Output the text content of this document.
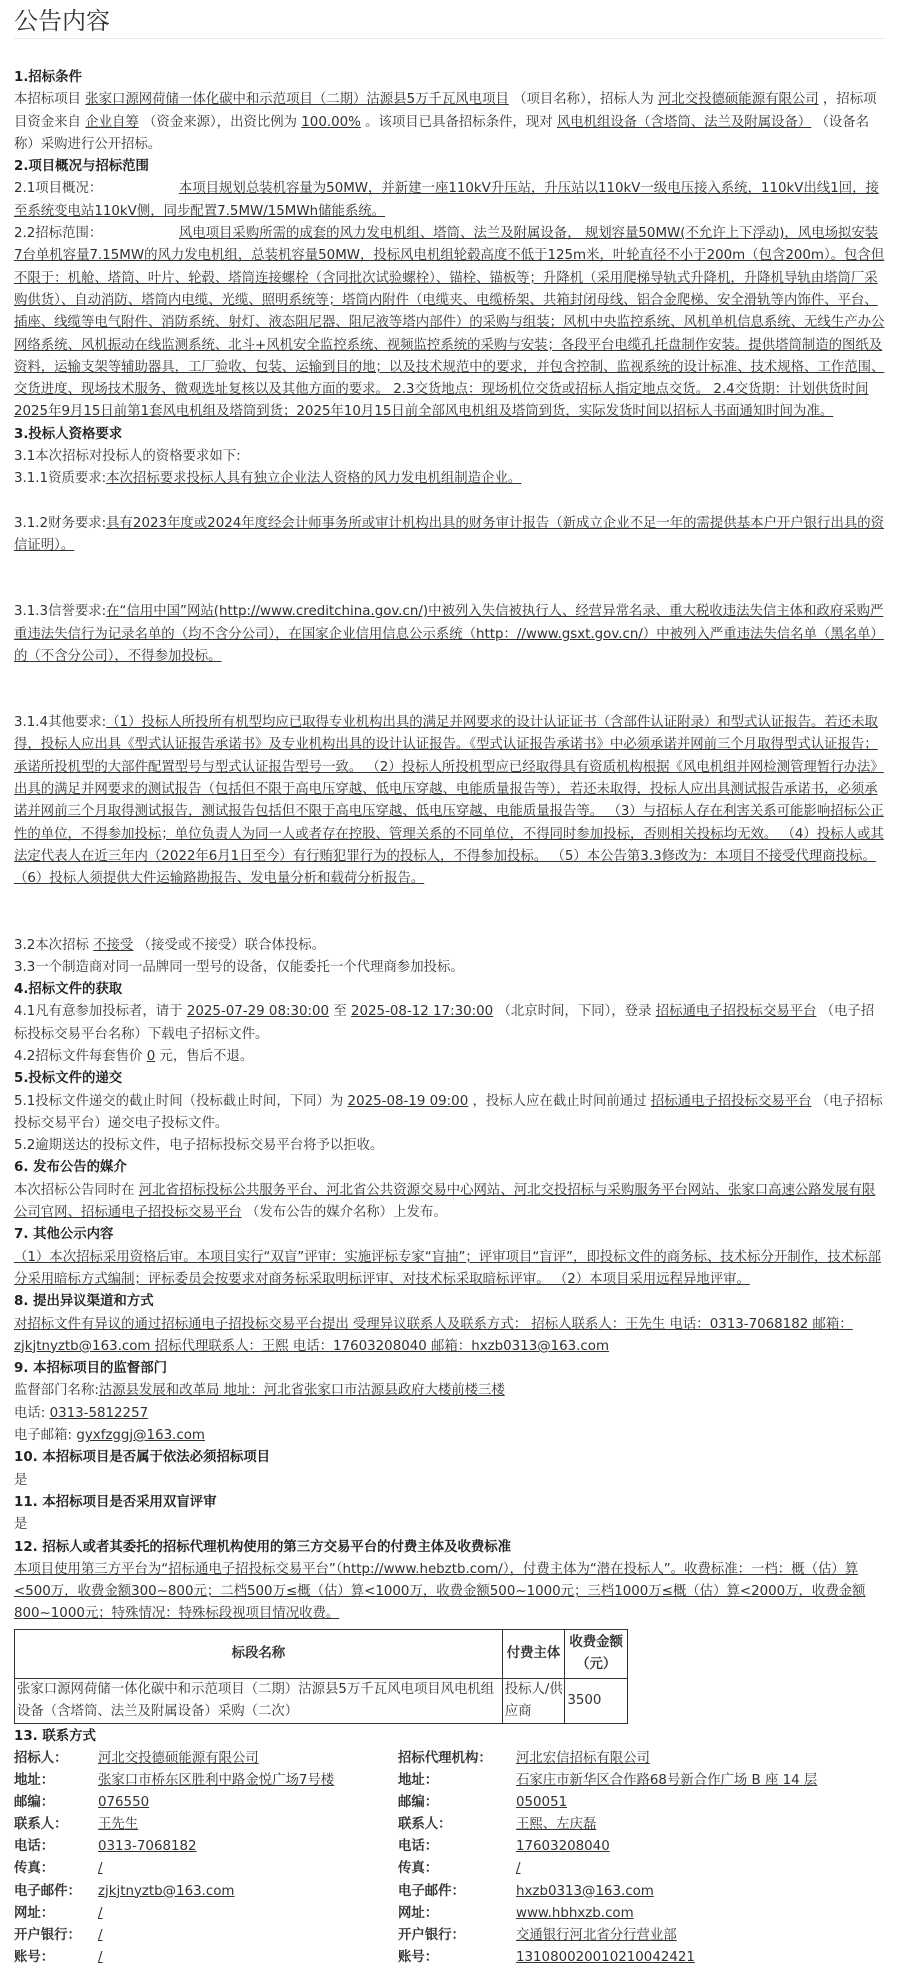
公告内容

1.招标条件

本招标项目 张家口源网荷储一体化碳中和示范项目（二期）沽源县5万千瓦风电项目 （项目名称），招标人为 河北交投德硕能源有限公司 ，招标项目资金来自 企业自筹 （资金来源），出资比例为 100.00% 。该项目已具备招标条件，现对 风电机组设备（含塔筒、法兰及附属设备） （设备名称）采购进行公开招标。

2.项目概况与招标范围

2.1项目概况：	本项目规划总装机容量为50MW，并新建一座110kV升压站，升压站以110kV一级电压接入系统，110kV出线1回，接至系统变电站110kV侧，同步配置7.5MW/15MWh储能系统。

2.2招标范围：	风电项目采购所需的成套的风力发电机组、塔筒、法兰及附属设备， 规划容量50MW(不允许上下浮动)，风电场拟安装7台单机容量7.15MW的风力发电机组，总装机容量50MW，投标风电机组轮毂高度不低于125m米，叶轮直径不小于200m（包含200m）。包含但不限于：机舱、塔筒、叶片、轮毂、塔筒连接螺栓（含同批次试验螺栓）、锚栓、锚板等；升降机（采用爬梯导轨式升降机，升降机导轨由塔筒厂采购供货）、自动消防、塔筒内电缆、光缆、照明系统等；塔筒内附件（电缆夹、电缆桥架、共箱封闭母线、铝合金爬梯、安全滑轨等内饰件、平台、插座、线缆等电气附件、消防系统、射灯、液态阻尼器、阻尼液等塔内部件）的采购与组装；风机中央监控系统、风机单机信息系统、无线生产办公网络系统、风机振动在线监测系统、北斗+风机安全监控系统、视频监控系统的采购与安装；各段平台电缆孔托盘制作安装。提供塔筒制造的图纸及资料，运输支架等辅助器具，工厂验收、包装、运输到目的地；以及技术规范中的要求，并包含控制、监视系统的设计标准、技术规格、工作范围、交货进度、现场技术服务、微观选址复核以及其他方面的要求。 2.3交货地点：现场机位交货或招标人指定地点交货。 2.4交货期：计划供货时间2025年9月15日前第1套风电机组及塔筒到货；2025年10月15日前全部风电机组及塔筒到货，实际发货时间以招标人书面通知时间为准。

3.投标人资格要求

3.1本次招标对投标人的资格要求如下:

3.1.1资质要求:本次招标要求投标人具有独立企业法人资格的风力发电机组制造企业。

3.1.2财务要求:具有2023年度或2024年度经会计师事务所或审计机构出具的财务审计报告（新成立企业不足一年的需提供基本户开户银行出具的资信证明）。

3.1.3信誉要求:在“信用中国”网站(http://www.creditchina.gov.cn/)中被列入失信被执行人、经营异常名录、重大税收违法失信主体和政府采购严重违法失信行为记录名单的（均不含分公司），在国家企业信用信息公示系统（http：//www.gsxt.gov.cn/）中被列入严重违法失信名单（黑名单）的（不含分公司），不得参加投标。

3.1.4其他要求:（1）投标人所投所有机型均应已取得专业机构出具的满足并网要求的设计认证证书（含部件认证附录）和型式认证报告。若还未取得，投标人应出具《型式认证报告承诺书》及专业机构出具的设计认证报告。《型式认证报告承诺书》中必须承诺并网前三个月取得型式认证报告；承诺所投机型的大部件配置型号与型式认证报告型号一致。 （2）投标人所投机型应已经取得具有资质机构根据《风电机组并网检测管理暂行办法》出具的满足并网要求的测试报告（包括但不限于高电压穿越、低电压穿越、电能质量报告等），若还未取得，投标人应出具测试报告承诺书，必须承诺并网前三个月取得测试报告，测试报告包括但不限于高电压穿越、低电压穿越、电能质量报告等。 （3）与招标人存在利害关系可能影响招标公正性的单位，不得参加投标；单位负责人为同一人或者存在控股、管理关系的不同单位，不得同时参加投标，否则相关投标均无效。 （4）投标人或其法定代表人在近三年内（2022年6月1日至今）有行贿犯罪行为的投标人，不得参加投标。 （5）本公告第3.3修改为：本项目不接受代理商投标。 （6）投标人须提供大件运输路勘报告、发电量分析和载荷分析报告。

3.2本次招标 不接受 （接受或不接受）联合体投标。

3.3一个制造商对同一品牌同一型号的设备，仅能委托一个代理商参加投标。

4.招标文件的获取

4.1凡有意参加投标者，请于 2025-07-29 08:30:00 至 2025-08-12 17:30:00 （北京时间，下同），登录 招标通电子招投标交易平台 （电子招标投标交易平台名称）下载电子招标文件。

4.2招标文件每套售价 0 元，售后不退。

5.投标文件的递交

5.1投标文件递交的截止时间（投标截止时间，下同）为 2025-08-19 09:00 ，投标人应在截止时间前通过 招标通电子招投标交易平台 （电子招标投标交易平台）递交电子投标文件。

5.2逾期送达的投标文件，电子招标投标交易平台将予以拒收。

6. 发布公告的媒介

本次招标公告同时在 河北省招标投标公共服务平台、河北省公共资源交易中心网站、河北交投招标与采购服务平台网站、张家口高速公路发展有限公司官网、招标通电子招投标交易平台 （发布公告的媒介名称）上发布。

7. 其他公示内容

（1）本次招标采用资格后审。本项目实行“双盲”评审：实施评标专家“盲抽”；评审项目“盲评”，即投标文件的商务标、技术标分开制作，技术标部分采用暗标方式编制；评标委员会按要求对商务标采取明标评审、对技术标采取暗标评审。 （2）本项目采用远程异地评审。

8. 提出异议渠道和方式

对招标文件有异议的通过招标通电子招投标交易平台提出 受理异议联系人及联系方式： 招标人联系人：王先生 电话：0313-7068182 邮箱：zjkjtnyztb@163.com 招标代理联系人：王熙 电话：17603208040 邮箱：hxzb0313@163.com

9. 本招标项目的监督部门

监督部门名称:沽源县发展和改革局 地址：河北省张家口市沽源县政府大楼前楼三楼

电话: 0313-5812257

电子邮箱: gyxfzggj@163.com

10. 本招标项目是否属于依法必须招标项目

是

11. 本招标项目是否采用双盲评审

是

12. 招标人或者其委托的招标代理机构使用的第三方交易平台的付费主体及收费标准

本项目使用第三方平台为“招标通电子招投标交易平台”（http://www.hebztb.com/），付费主体为“潜在投标人”。收费标准：一档：概（估）算<500万，收费金额300~800元；二档500万≤概（估）算<1000万，收费金额500~1000元；三档1000万≤概（估）算<2000万，收费金额800~1000元；特殊情况：特殊标段视项目情况收费。

标段名称	付费主体	收费金额（元）
张家口源网荷储一体化碳中和示范项目（二期）沽源县5万千瓦风电项目风电机组设备（含塔筒、法兰及附属设备）采购（二次）	投标人/供应商	3500

13. 联系方式

招标人：	河北交投德硕能源有限公司	招标代理机构：	河北宏信招标有限公司
地址：	张家口市桥东区胜利中路金悦广场7号楼	地址：	石家庄市新华区合作路68号新合作广场 B 座 14 层
邮编：	076550	邮编：	050051
联系人：	王先生	联系人：	王熙、左庆磊
电话：	0313-7068182	电话：	17603208040
传真：	/	传真：	/
电子邮件：	zjkjtnyztb@163.com	电子邮件：	hxzb0313@163.com
网址：	/	网址：	www.hbhxzb.com
开户银行：	/	开户银行：	交通银行河北省分行营业部
账号：	/	账号：	131080020010210042421
